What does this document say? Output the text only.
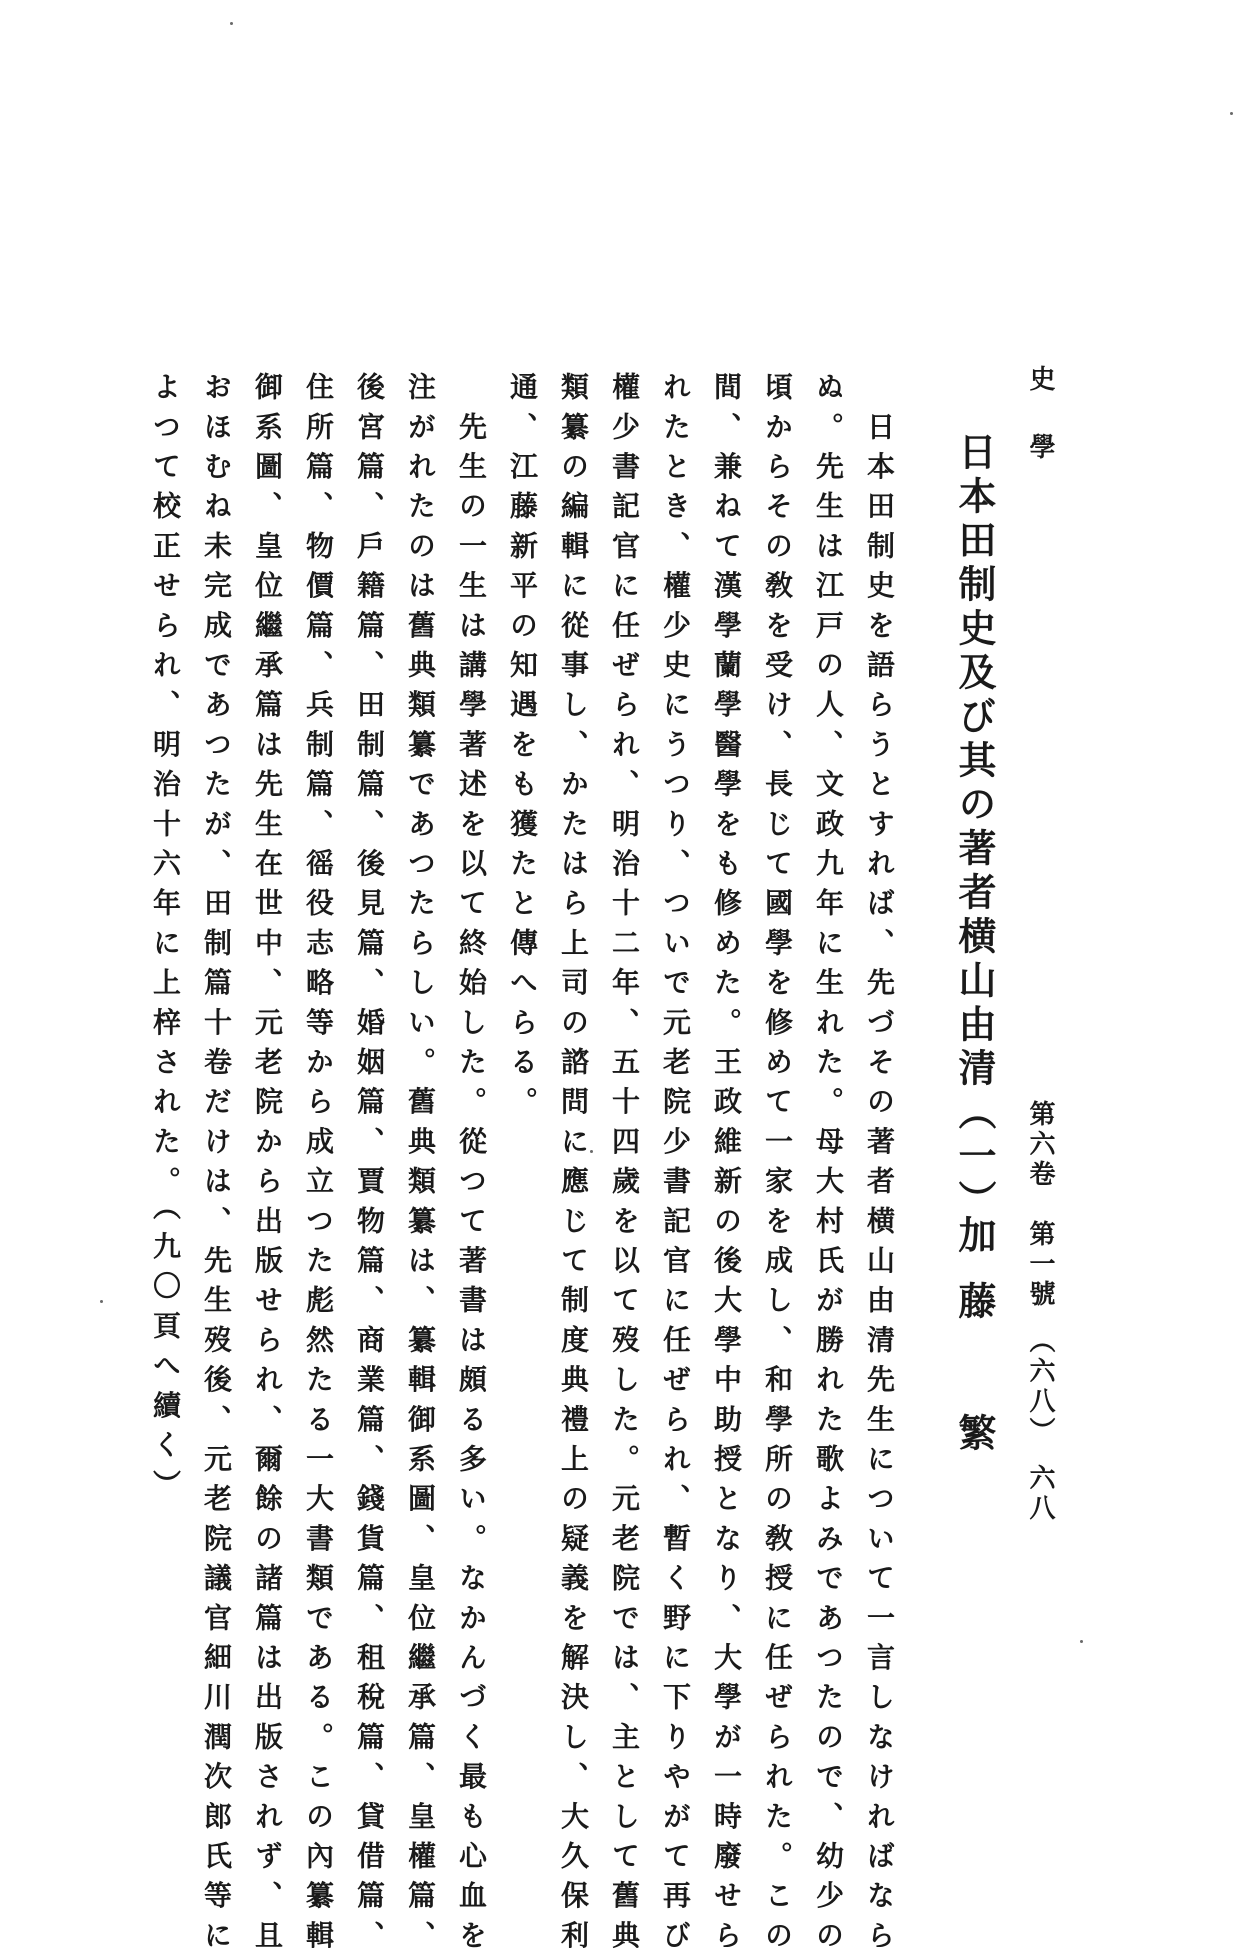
史學
第六卷　第一號　（六八）　六八
日本田制史及び其の著者横山由清（一）
加藤　繁
　日本田制史を語らうとすれば、先づその著者横山由清先生について一言しなければなら
ぬ。先生は江戸の人、文政九年に生れた。母大村氏が勝れた歌よみであつたので、幼少の
頃からその敎を受け、長じて國學を修めて一家を成し、和學所の敎授に任ぜられた。この
間、兼ねて漢學蘭學醫學をも修めた。王政維新の後大學中助授となり、大學が一時廢せら
れたとき、權少史にうつり、ついで元老院少書記官に任ぜられ、暫く野に下りやがて再び
權少書記官に任ぜられ、明治十二年、五十四歲を以て歿した。元老院では、主として舊典
類纂の編輯に從事し、かたはら上司の諮問に應じて制度典禮上の疑義を解決し、大久保利
通、江藤新平の知遇をも獲たと傳へらる。
　先生の一生は講學著述を以て終始した。從つて著書は頗る多い。なかんづく最も心血を
注がれたのは舊典類纂であつたらしい。舊典類纂は、纂輯御系圖、皇位繼承篇、皇權篇、
後宮篇、戶籍篇、田制篇、後見篇、婚姻篇、賈物篇、商業篇、錢貨篇、租稅篇、貸借篇、
住所篇、物價篇、兵制篇、徭役志略等から成立つた彪然たる一大書類である。この內纂輯
御系圖、皇位繼承篇は先生在世中、元老院から出版せられ、爾餘の諸篇は出版されず、且
おほむね未完成であつたが、田制篇十卷だけは、先生歿後、元老院議官細川潤次郎氏等に
よつて校正せられ、明治十六年に上梓された。（九〇頁へ續く）
